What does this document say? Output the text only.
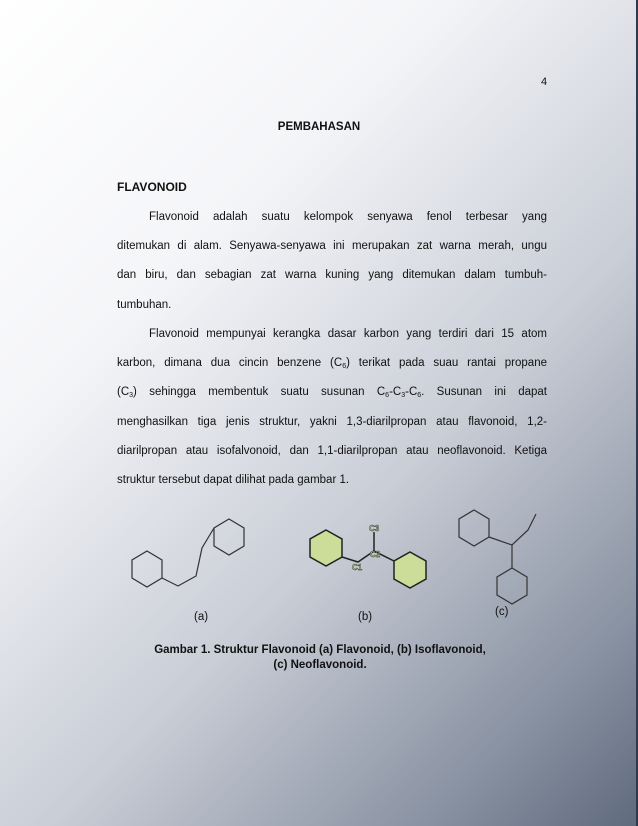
4
PEMBAHASAN
FLAVONOID
Flavonoid adalah suatu kelompok senyawa fenol terbesar yang
ditemukan di alam. Senyawa-senyawa ini merupakan zat warna merah, ungu
dan biru, dan sebagian zat warna kuning yang ditemukan dalam tumbuh-
tumbuhan.
Flavonoid mempunyai kerangka dasar karbon yang terdiri dari 15 atom
karbon, dimana dua cincin benzene $(C_6)$ terikat pada suau rantai propane
$(C_3)$ sehingga membentuk suatu susunan $C_6-C_3-C_6$. Susunan ini dapat
menghasilkan tiga jenis struktur, yakni 1,3-diarilpropan atau flavonoid, 1,2-
diarilpropan atau isofalvonoid, dan 1,1-diarilpropan atau neoflavonoid. Ketiga
struktur tersebut dapat dilihat pada gambar 1.
C1
C2
C3
(a)	(b)	(c)
Gambar 1. Struktur Flavonoid (a) Flavonoid, (b) Isoflavonoid,
(c) Neoflavonoid.
